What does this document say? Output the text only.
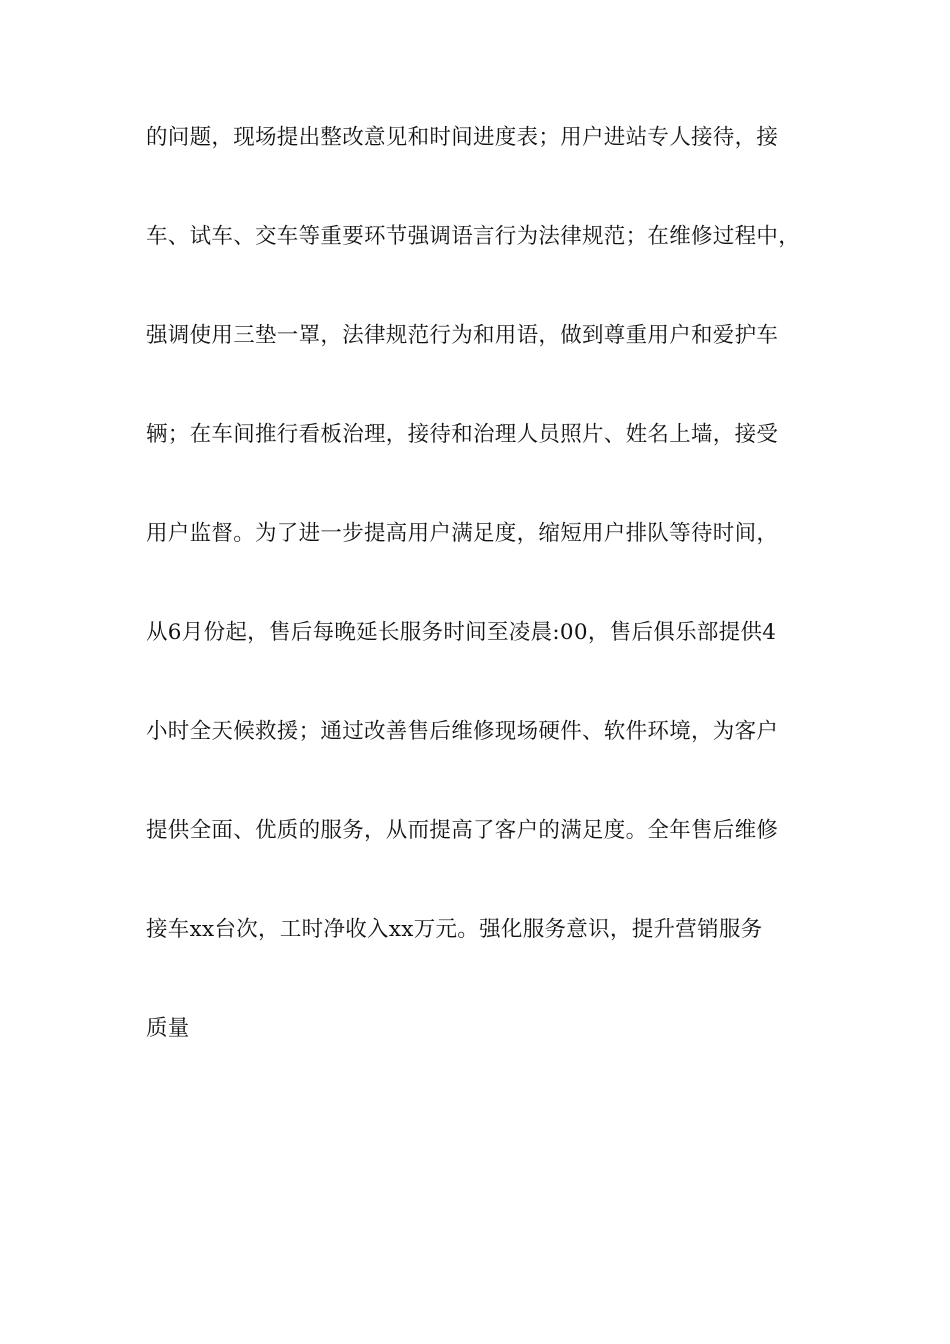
的问题，现场提出整改意见和时间进度表；用户进站专人接待，接

车、试车、交车等重要环节强调语言行为法律规范；在维修过程中，

强调使用三垫一罩，法律规范行为和用语，做到尊重用户和爱护车

辆；在车间推行看板治理，接待和治理人员照片、姓名上墙，接受

用户监督。为了进一步提高用户满足度，缩短用户排队等待时间，

从6月份起，售后每晚延长服务时间至凌晨:00，售后俱乐部提供4

小时全天候救援；通过改善售后维修现场硬件、软件环境，为客户

提供全面、优质的服务，从而提高了客户的满足度。全年售后维修

接车xx台次，工时净收入xx万元。强化服务意识，提升营销服务

质量
